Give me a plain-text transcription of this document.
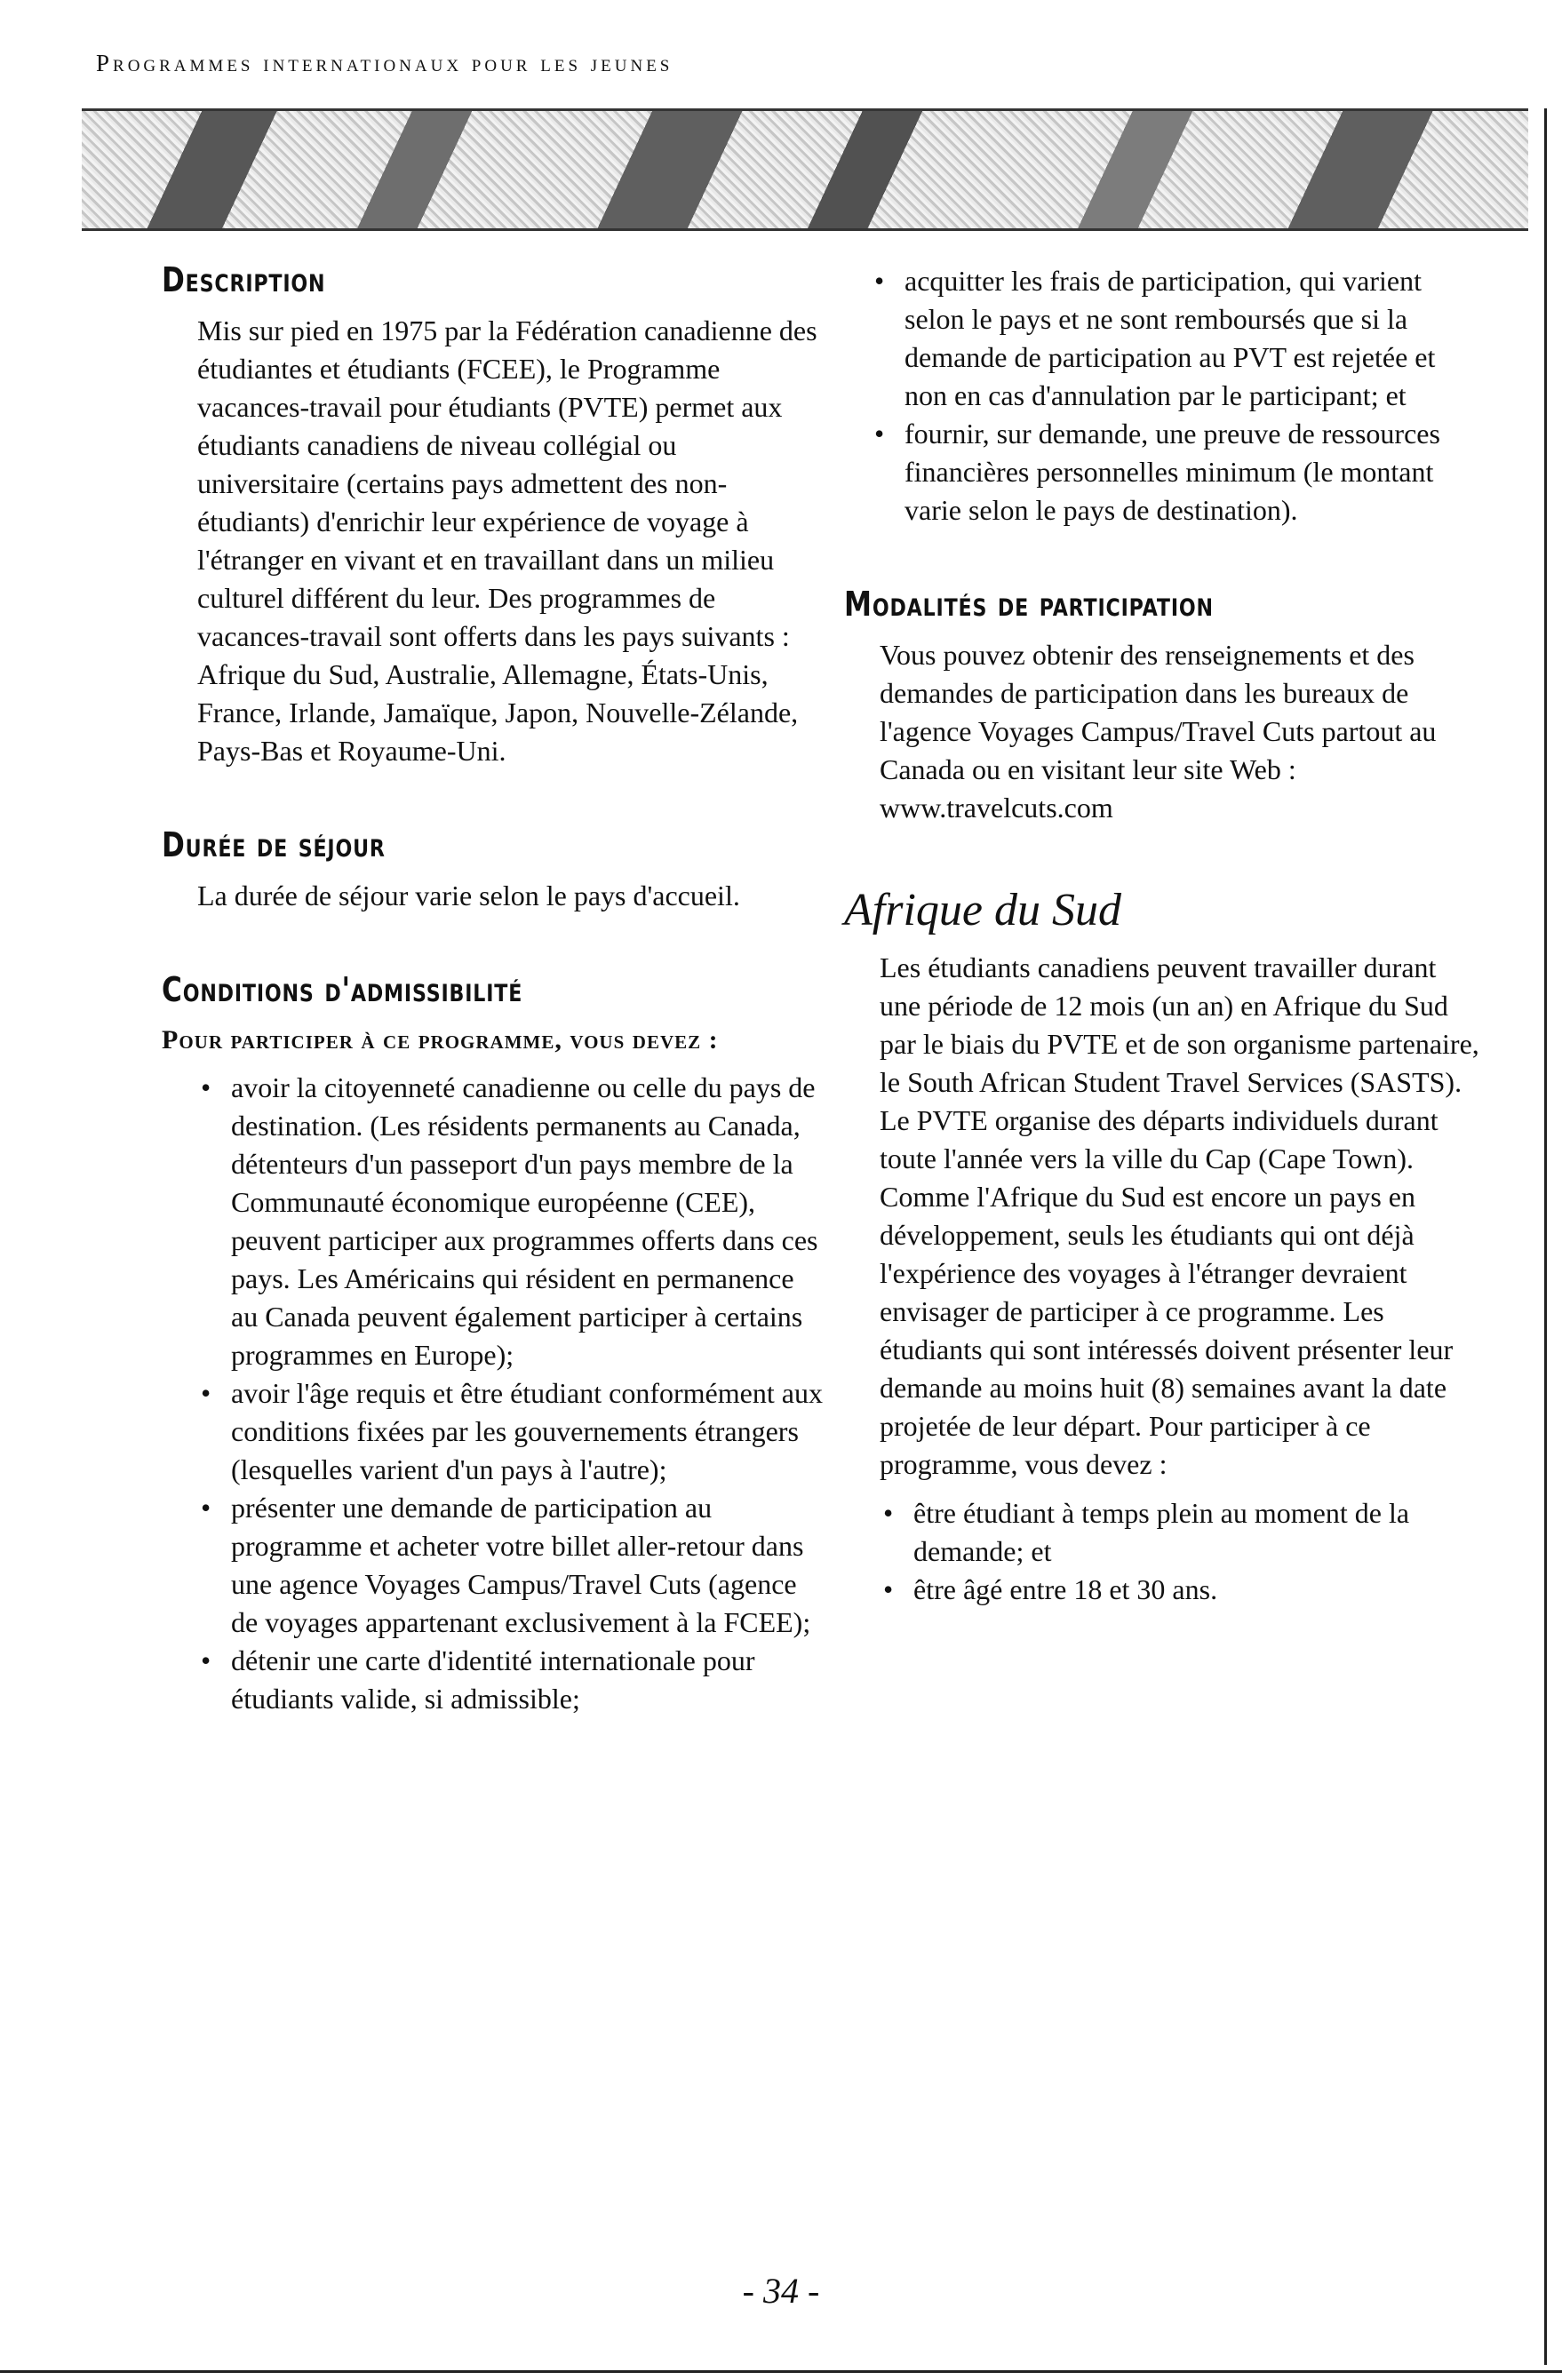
Programmes internationaux pour les jeunes
Description

Mis sur pied en 1975 par la Fédération canadienne des étudiantes et étudiants (FCEE), le Programme vacances-travail pour étudiants (PVTE) permet aux étudiants canadiens de niveau collégial ou universitaire (certains pays admettent des non-étudiants) d'enrichir leur expérience de voyage à l'étranger en vivant et en travaillant dans un milieu culturel différent du leur. Des programmes de vacances-travail sont offerts dans les pays suivants : Afrique du Sud, Australie, Allemagne, États-Unis, France, Irlande, Jamaïque, Japon, Nouvelle-Zélande, Pays-Bas et Royaume-Uni.

Durée de séjour

La durée de séjour varie selon le pays d'accueil.

Conditions d'admissibilité

Pour participer à ce programme, vous devez :

• avoir la citoyenneté canadienne ou celle du pays de destination. (Les résidents permanents au Canada, détenteurs d'un passeport d'un pays membre de la Communauté économique européenne (CEE), peuvent participer aux programmes offerts dans ces pays. Les Américains qui résident en permanence au Canada peuvent également participer à certains programmes en Europe);
• avoir l'âge requis et être étudiant conformément aux conditions fixées par les gouvernements étrangers (lesquelles varient d'un pays à l'autre);
• présenter une demande de participation au programme et acheter votre billet aller-retour dans une agence Voyages Campus/Travel Cuts (agence de voyages appartenant exclusivement à la FCEE);
• détenir une carte d'identité internationale pour étudiants valide, si admissible;
• acquitter les frais de participation, qui varient selon le pays et ne sont remboursés que si la demande de participation au PVT est rejetée et non en cas d'annulation par le participant; et
• fournir, sur demande, une preuve de ressources financières personnelles minimum (le montant varie selon le pays de destination).
Modalités de participation

Vous pouvez obtenir des renseignements et des demandes de participation dans les bureaux de l'agence Voyages Campus/Travel Cuts partout au Canada ou en visitant leur site Web : www.travelcuts.com

Afrique du Sud

Les étudiants canadiens peuvent travailler durant une période de 12 mois (un an) en Afrique du Sud par le biais du PVTE et de son organisme partenaire, le South African Student Travel Services (SASTS). Le PVTE organise des départs individuels durant toute l'année vers la ville du Cap (Cape Town). Comme l'Afrique du Sud est encore un pays en développement, seuls les étudiants qui ont déjà l'expérience des voyages à l'étranger devraient envisager de participer à ce programme. Les étudiants qui sont intéressés doivent présenter leur demande au moins huit (8) semaines avant la date projetée de leur départ. Pour participer à ce programme, vous devez :

• être étudiant à temps plein au moment de la demande; et
• être âgé entre 18 et 30 ans.
- 34 -
